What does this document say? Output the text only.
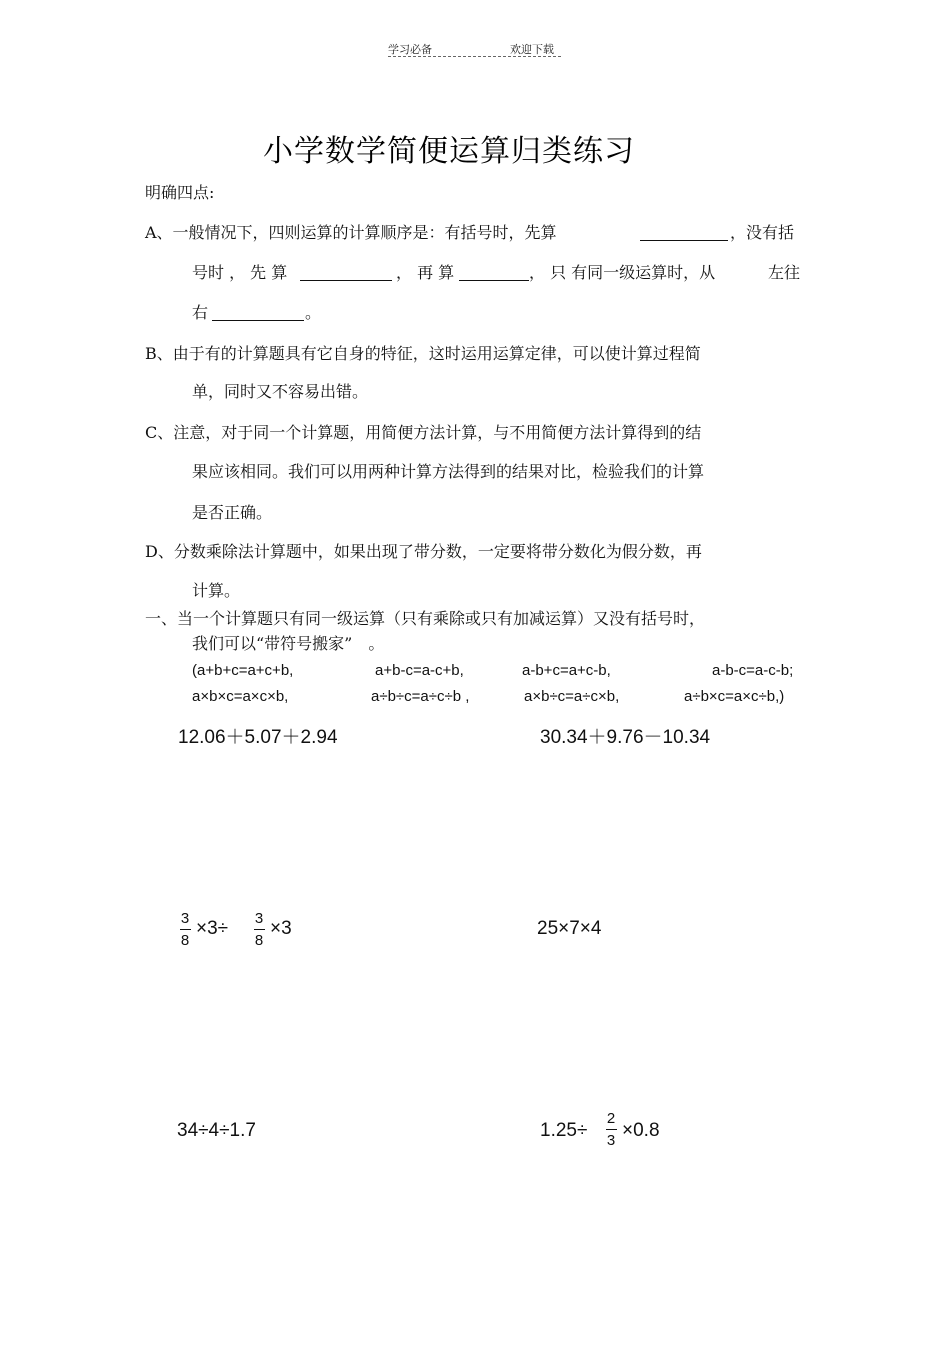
学习必备	欢迎下载
小学数学简便运算归类练习
明确四点:
A、一般情况下，四则运算的计算顺序是：有括号时，先算	，没有括
号时 ， 先 算	， 再 算	， 只 有同一级运算时，从	左往
右	。
B、由于有的计算题具有它自身的特征，这时运用运算定律，可以使计算过程简
单，同时又不容易出错。
C、注意，对于同一个计算题，用简便方法计算，与不用简便方法计算得到的结
果应该相同。我们可以用两种计算方法得到的结果对比，检验我们的计算
是否正确。
D、分数乘除法计算题中，如果出现了带分数，一定要将带分数化为假分数，再
计算。
一、当一个计算题只有同一级运算（只有乘除或只有加减运算）又没有括号时，
我们可以“带符号搬家”　。
(a+b+c=a+c+b,	a+b-c=a-c+b,	a-b+c=a+c-b,	a-b-c=a-c-b;
a×b×c=a×c×b,	a÷b÷c=a÷c÷b ,	a×b÷c=a÷c×b,	a÷b×c=a×c÷b,)
12.06＋5.07＋2.94	30.34＋9.76－10.34
3
8
×3÷ 3
8
×3	25×7×4
34÷4÷1.7	1.25÷
2
3 ×0.8
